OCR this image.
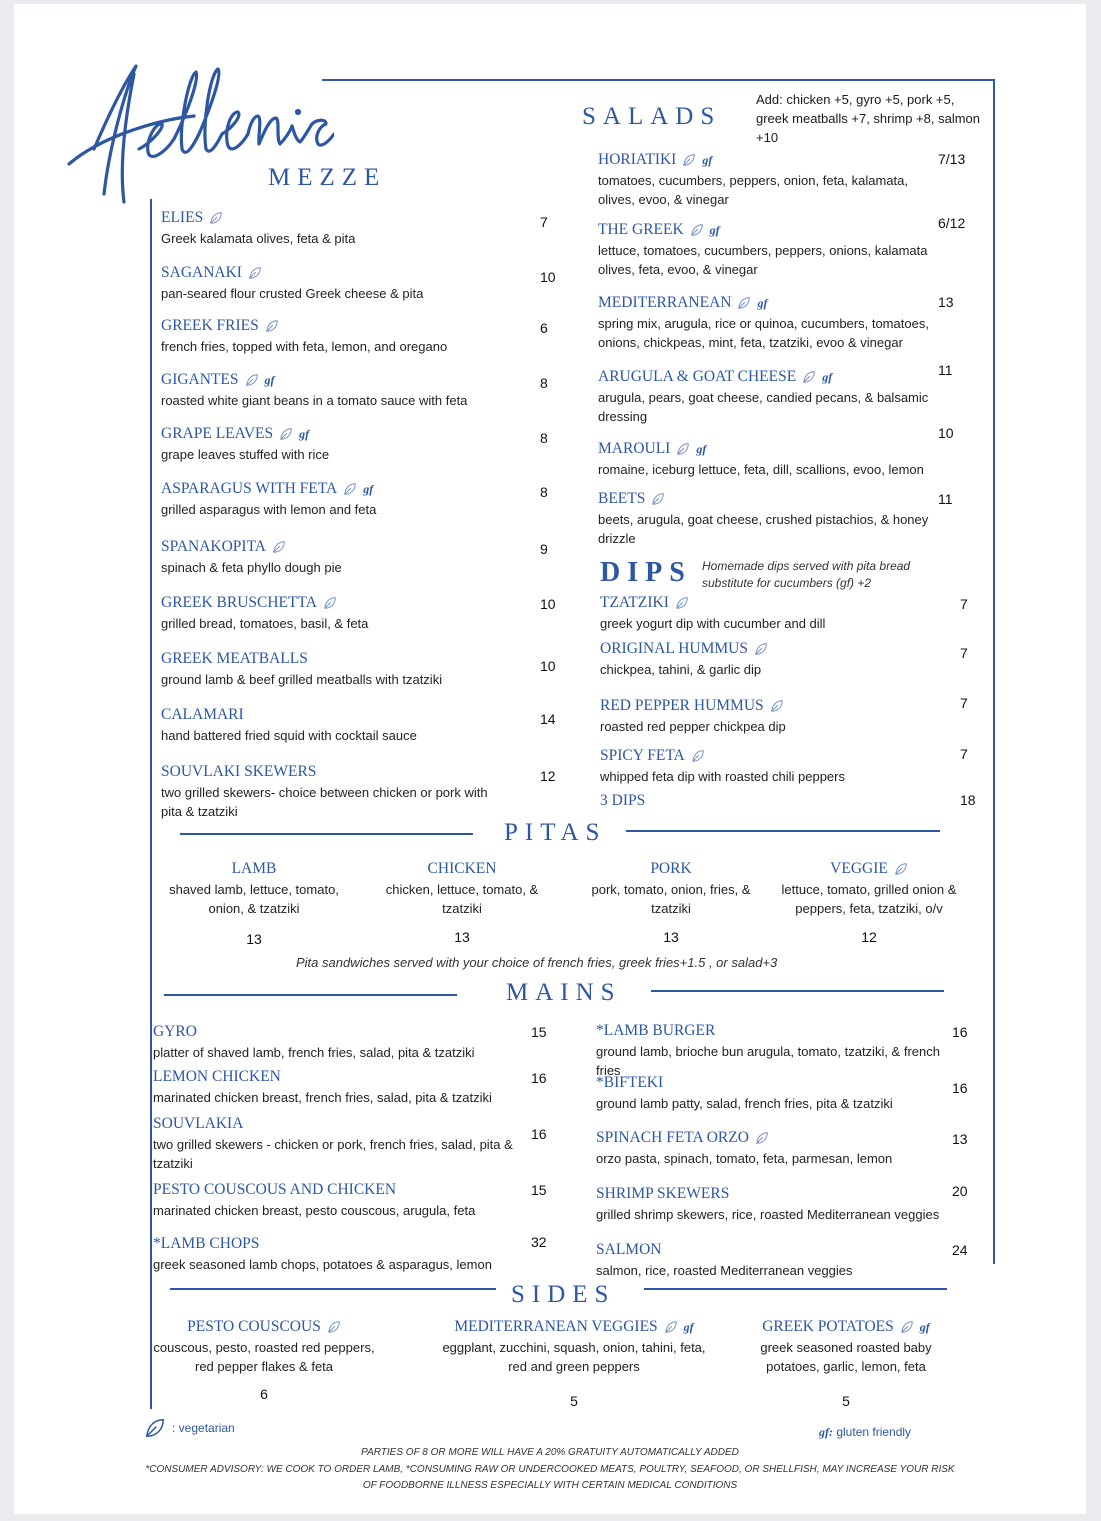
MEZZE
SALADS
Add: chicken +5, gyro +5, pork +5, greek meatballs +7, shrimp +8, salmon +10
ELIES
Greek kalamata olives, feta & pita
7
SAGANAKI
pan-seared flour crusted Greek cheese & pita
10
GREEK FRIES
french fries, topped with feta, lemon, and oregano
6
GIGANTES gf
roasted white giant beans in a tomato sauce with feta
8
GRAPE LEAVES gf
grape leaves stuffed with rice
8
ASPARAGUS WITH FETA gf
grilled asparagus with lemon and feta
8
SPANAKOPITA
spinach & feta phyllo dough pie
9
GREEK BRUSCHETTA
grilled bread, tomatoes, basil, & feta
10
GREEK MEATBALLS
ground lamb & beef grilled meatballs with tzatziki
10
CALAMARI
hand battered fried squid with cocktail sauce
14
SOUVLAKI SKEWERS
two grilled skewers- choice between chicken or pork with pita & tzatziki
12
HORIATIKI gf
tomatoes, cucumbers, peppers, onion, feta, kalamata, olives, evoo, & vinegar
7/13
THE GREEK gf
lettuce, tomatoes, cucumbers, peppers, onions, kalamata olives, feta, evoo, & vinegar
6/12
MEDITERRANEAN gf
spring mix, arugula, rice or quinoa, cucumbers, tomatoes, onions, chickpeas, mint, feta, tzatziki, evoo & vinegar
13
ARUGULA & GOAT CHEESE gf
arugula, pears, goat cheese, candied pecans, & balsamic dressing
11
MAROULI gf
romaine, iceburg lettuce, feta, dill, scallions, evoo, lemon
10
BEETS
beets, arugula, goat cheese, crushed pistachios, & honey drizzle
11
DIPS Homemade dips served with pita bread
substitute for cucumbers (gf) +2
TZATZIKI
greek yogurt dip with cucumber and dill
7
ORIGINAL HUMMUS
chickpea, tahini, & garlic dip
7
RED PEPPER HUMMUS
roasted red pepper chickpea dip
7
SPICY FETA
whipped feta dip with roasted chili peppers
7
3 DIPS	18
PITAS
LAMB
shaved lamb, lettuce, tomato, onion, & tzatziki
13
CHICKEN
chicken, lettuce, tomato, & tzatziki
13
PORK
pork, tomato, onion, fries, & tzatziki
13
VEGGIE
lettuce, tomato, grilled onion & peppers, feta, tzatziki, o/v
12
Pita sandwiches served with your choice of french fries, greek fries+1.5 , or salad+3
MAINS
GYRO
platter of shaved lamb, french fries, salad, pita & tzatziki
15
LEMON CHICKEN
marinated chicken breast, french fries, salad, pita & tzatziki
16
SOUVLAKIA
two grilled skewers - chicken or pork, french fries, salad, pita & tzatziki
16
PESTO COUSCOUS AND CHICKEN
marinated chicken breast, pesto couscous, arugula, feta
15
*LAMB CHOPS
greek seasoned lamb chops, potatoes & asparagus, lemon
32
*LAMB BURGER
ground lamb, brioche bun arugula, tomato, tzatziki, & french fries
16
*BIFTEKI
ground lamb patty, salad, french fries, pita & tzatziki
16
SPINACH FETA ORZO
orzo pasta, spinach, tomato, feta, parmesan, lemon
13
SHRIMP SKEWERS
grilled shrimp skewers, rice, roasted Mediterranean veggies
20
SALMON
salmon, rice, roasted Mediterranean veggies
24
SIDES
PESTO COUSCOUS
couscous, pesto, roasted red peppers, red pepper flakes & feta
6
MEDITERRANEAN VEGGIES gf
eggplant, zucchini, squash, onion, tahini, feta, red and green peppers
5
GREEK POTATOES gf
greek seasoned roasted baby potatoes, garlic, lemon, feta
5
: vegetarian	gf: gluten friendly
PARTIES OF 8 OR MORE WILL HAVE A 20% GRATUITY AUTOMATICALLY ADDED
*CONSUMER ADVISORY: WE COOK TO ORDER LAMB, *CONSUMING RAW OR UNDERCOOKED MEATS, POULTRY, SEAFOOD, OR SHELLFISH, MAY INCREASE YOUR RISK
OF FOODBORNE ILLNESS ESPECIALLY WITH CERTAIN MEDICAL CONDITIONS
